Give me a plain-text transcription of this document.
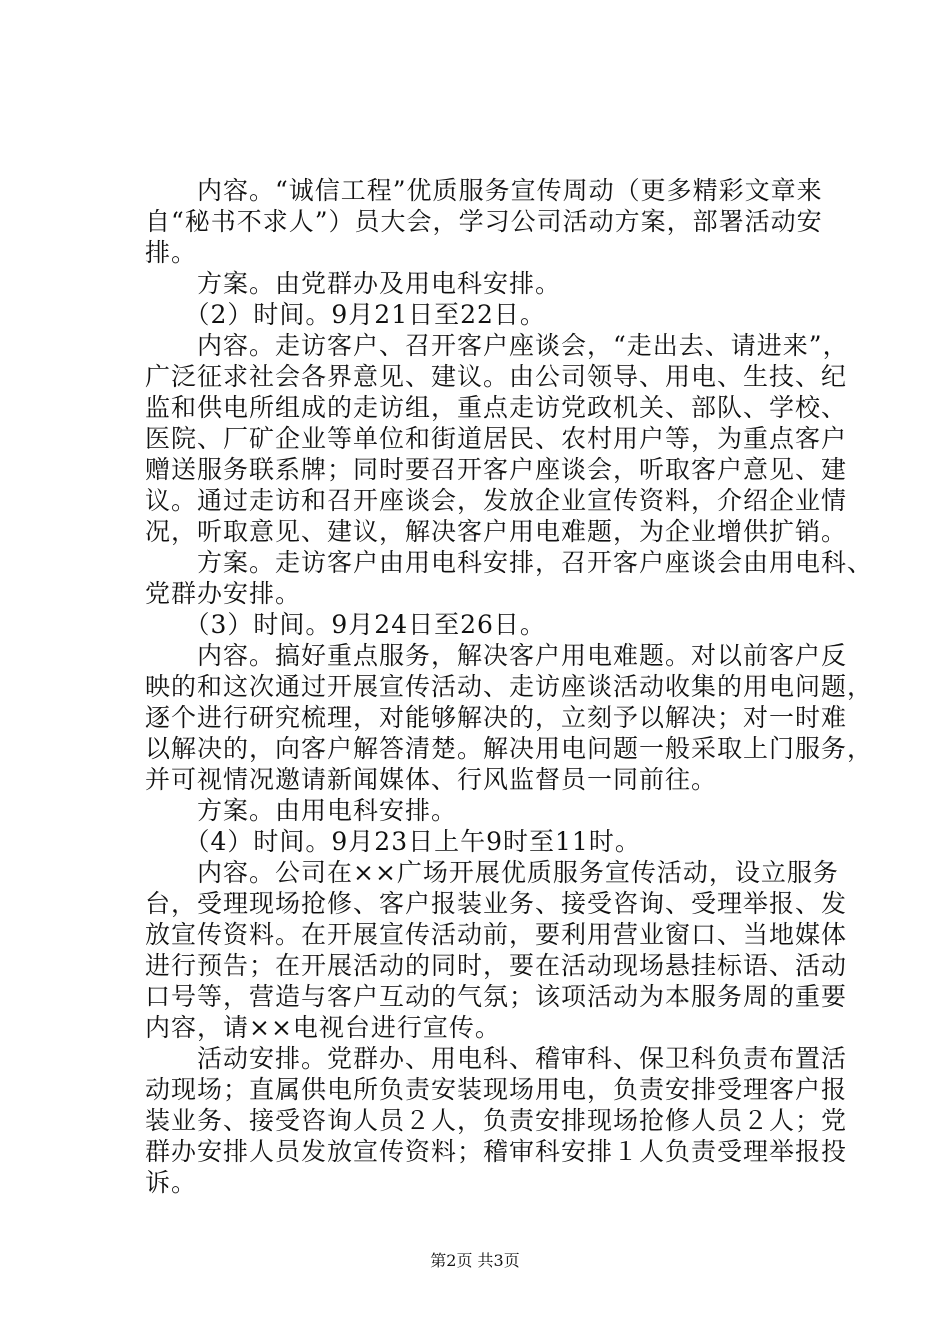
　　内容。“诚信工程”优质服务宣传周动（更多精彩文章来
自“秘书不求人”）员大会，学习公司活动方案，部署活动安
排。
　　方案。由党群办及用电科安排。
　　（2）时间。9月21日至22日。
　　内容。走访客户、召开客户座谈会，“走出去、请进来”，
广泛征求社会各界意见、建议。由公司领导、用电、生技、纪
监和供电所组成的走访组，重点走访党政机关、部队、学校、
医院、厂矿企业等单位和街道居民、农村用户等，为重点客户
赠送服务联系牌；同时要召开客户座谈会，听取客户意见、建
议。通过走访和召开座谈会，发放企业宣传资料，介绍企业情
况，听取意见、建议，解决客户用电难题，为企业增供扩销。
　　方案。走访客户由用电科安排，召开客户座谈会由用电科、
党群办安排。
　　（3）时间。9月24日至26日。
　　内容。搞好重点服务，解决客户用电难题。对以前客户反
映的和这次通过开展宣传活动、走访座谈活动收集的用电问题，
逐个进行研究梳理，对能够解决的，立刻予以解决；对一时难
以解决的，向客户解答清楚。解决用电问题一般采取上门服务，
并可视情况邀请新闻媒体、行风监督员一同前往。
　　方案。由用电科安排。
　　（4）时间。9月23日上午9时至11时。
　　内容。公司在××广场开展优质服务宣传活动，设立服务
台，受理现场抢修、客户报装业务、接受咨询、受理举报、发
放宣传资料。在开展宣传活动前，要利用营业窗口、当地媒体
进行预告；在开展活动的同时，要在活动现场悬挂标语、活动
口号等，营造与客户互动的气氛；该项活动为本服务周的重要
内容，请××电视台进行宣传。
　　活动安排。党群办、用电科、稽审科、保卫科负责布置活
动现场；直属供电所负责安装现场用电，负责安排受理客户报
装业务、接受咨询人员２人，负责安排现场抢修人员２人；党
群办安排人员发放宣传资料；稽审科安排１人负责受理举报投
诉。
第2页 共3页
